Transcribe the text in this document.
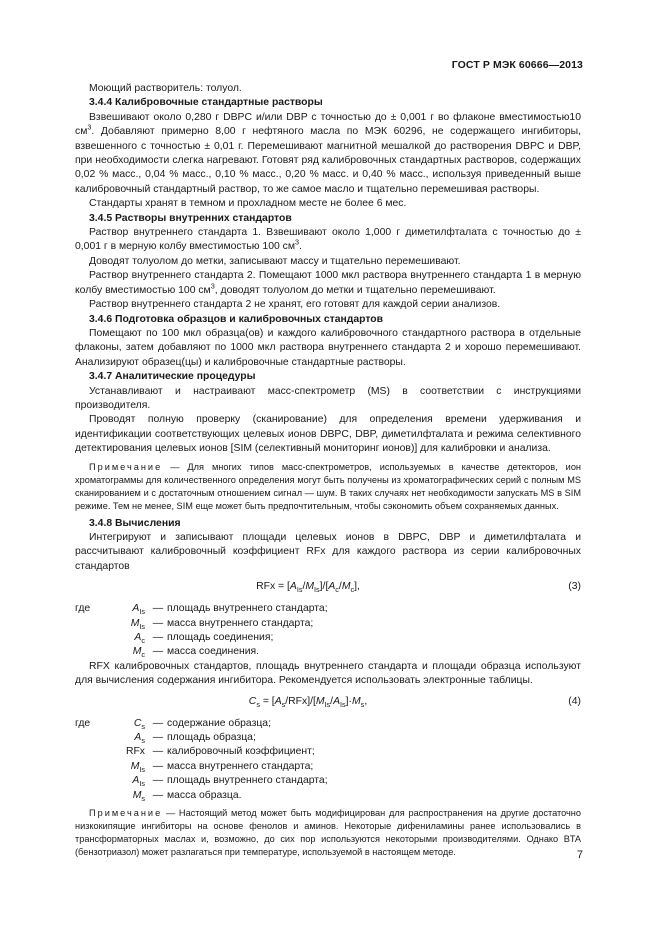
ГОСТ Р МЭК 60666—2013

Моющий растворитель: толуол.

3.4.4 Калибровочные стандартные растворы

Взвешивают около 0,280 г DBPC и/или DBP с точностью до ± 0,001 г во флаконе вместимостью10 $см^3$. Добавляют примерно 8,00 г нефтяного масла по МЭК 60296, не содержащего ингибиторы, взвешенного с точностью ± 0,01 г. Перемешивают магнитной мешалкой до растворения DBPC и DBP, при необходимости слегка нагревают. Готовят ряд калибровочных стандартных растворов, содержащих 0,02 % масс., 0,04 % масс., 0,10 % масс., 0,20 % масс. и 0,40 % масс., используя приведенный выше калибровочный стандартный раствор, то же самое масло и тщательно перемешивая растворы.

Стандарты хранят в темном и прохладном месте не более 6 мес.

3.4.5 Растворы внутренних стандартов

Раствор внутреннего стандарта 1. Взвешивают около 1,000 г диметилфталата с точностью до ± 0,001 г в мерную колбу вместимостью 100 $см^3$.

Доводят толуолом до метки, записывают массу и тщательно перемешивают.

Раствор внутреннего стандарта 2. Помещают 1000 мкл раствора внутреннего стандарта 1 в мерную колбу вместимостью 100 $см^3$, доводят толуолом до метки и тщательно перемешивают.

Раствор внутреннего стандарта 2 не хранят, его готовят для каждой серии анализов.

3.4.6 Подготовка образцов и калибровочных стандартов

Помещают по 100 мкл образца(ов) и каждого калибровочного стандартного раствора в отдельные флаконы, затем добавляют по 1000 мкл раствора внутреннего стандарта 2 и хорошо перемешивают. Анализируют образец(цы) и калибровочные стандартные растворы.

3.4.7 Аналитические процедуры

Устанавливают и настраивают масс-спектрометр (MS) в соответствии с инструкциями производителя.

Проводят полную проверку (сканирование) для определения времени удерживания и идентификации соответствующих целевых ионов DBPC, DBP, диметилфталата и режима селективного детектирования целевых ионов [SIM (селективный мониторинг ионов)] для калибровки и анализа.

Примечание — Для многих типов масс-спектрометров, используемых в качестве детекторов, ион хроматограммы для количественного определения могут быть получены из хроматографических серий с полным MS сканированием и с достаточным отношением сигнал — шум. В таких случаях нет необходимости запускать MS в SIM режиме. Тем не менее, SIM еще может быть предпочтительным, чтобы сэкономить объем сохраняемых данных.

3.4.8 Вычисления

Интегрируют и записывают площади целевых ионов в DBPC, DBP и диметилфталата и рассчитывают калибровочный коэффициент RFx для каждого раствора из серии калибровочных стандартов

RFx = $[A_{Is}/M_{Is}]/[A_c/M_c]$,	(3)
где	$A_{Is}$ — площадь внутреннего стандарта;
$M_{Is}$ — масса внутреннего стандарта;
$A_c$ — площадь соединения;
$M_c$ — масса соединения.

RFX калибровочных стандартов, площадь внутреннего стандарта и площади образца используют для вычисления содержания ингибитора. Рекомендуется использовать электронные таблицы.

$C_s = [A_s/RFx]/[M_{Is}/A_{Is}]\cdot M_s$,	(4)
где	$C_s$ — содержание образца;
$A_s$ — площадь образца;
RFx — калибровочный коэффициент;
$M_{Is}$ — масса внутреннего стандарта;
$A_{Is}$ — площадь внутреннего стандарта;
$M_s$ — масса образца.

Примечание — Настоящий метод может быть модифицирован для распространения на другие достаточно низкокипящие ингибиторы на основе фенолов и аминов. Некоторые дифениламины ранее использовались в трансформаторных маслах и, возможно, до сих пор используются некоторыми производителями. Однако BTA (бензотриазол) может разлагаться при температуре, используемой в настоящем методе.	7
